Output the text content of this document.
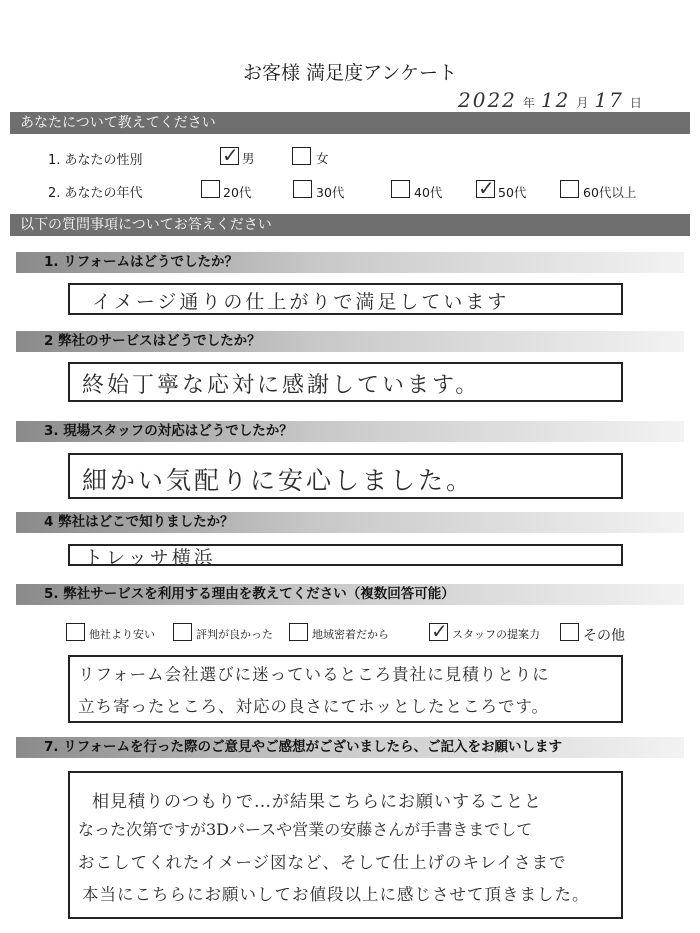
お客様 満足度アンケート
2022 年 12 月 17 日
あなたについて教えてください
1. あなたの性別	✓ 男	女
2. あなたの年代	20代	30代	40代 ✓ 50代	60代以上
以下の質問事項についてお答えください
1. リフォームはどうでしたか？
イメージ通りの仕上がりで満足しています
2 弊社のサービスはどうでしたか？
終始丁寧な応対に感謝しています。
3. 現場スタッフの対応はどうでしたか？
細かい気配りに安心しました。
4 弊社はどこで知りましたか？
トレッサ横浜
5. 弊社サービスを利用する理由を教えてください（複数回答可能）
他社より安い	評判が良かった	地域密着だから ✓ スタッフの提案力	その他
リフォーム会社選びに迷っているところ貴社に見積りとりに
立ち寄ったところ、対応の良さにてホッとしたところです。
7. リフォームを行った際のご意見やご感想がございましたら、ご記入をお願いします
相見積りのつもりで…が結果こちらにお願いすることと
なった次第ですが3Dパースや営業の安藤さんが手書きまでして
おこしてくれたイメージ図など、そして仕上げのキレイさまで
本当にこちらにお願いしてお値段以上に感じさせて頂きました。
